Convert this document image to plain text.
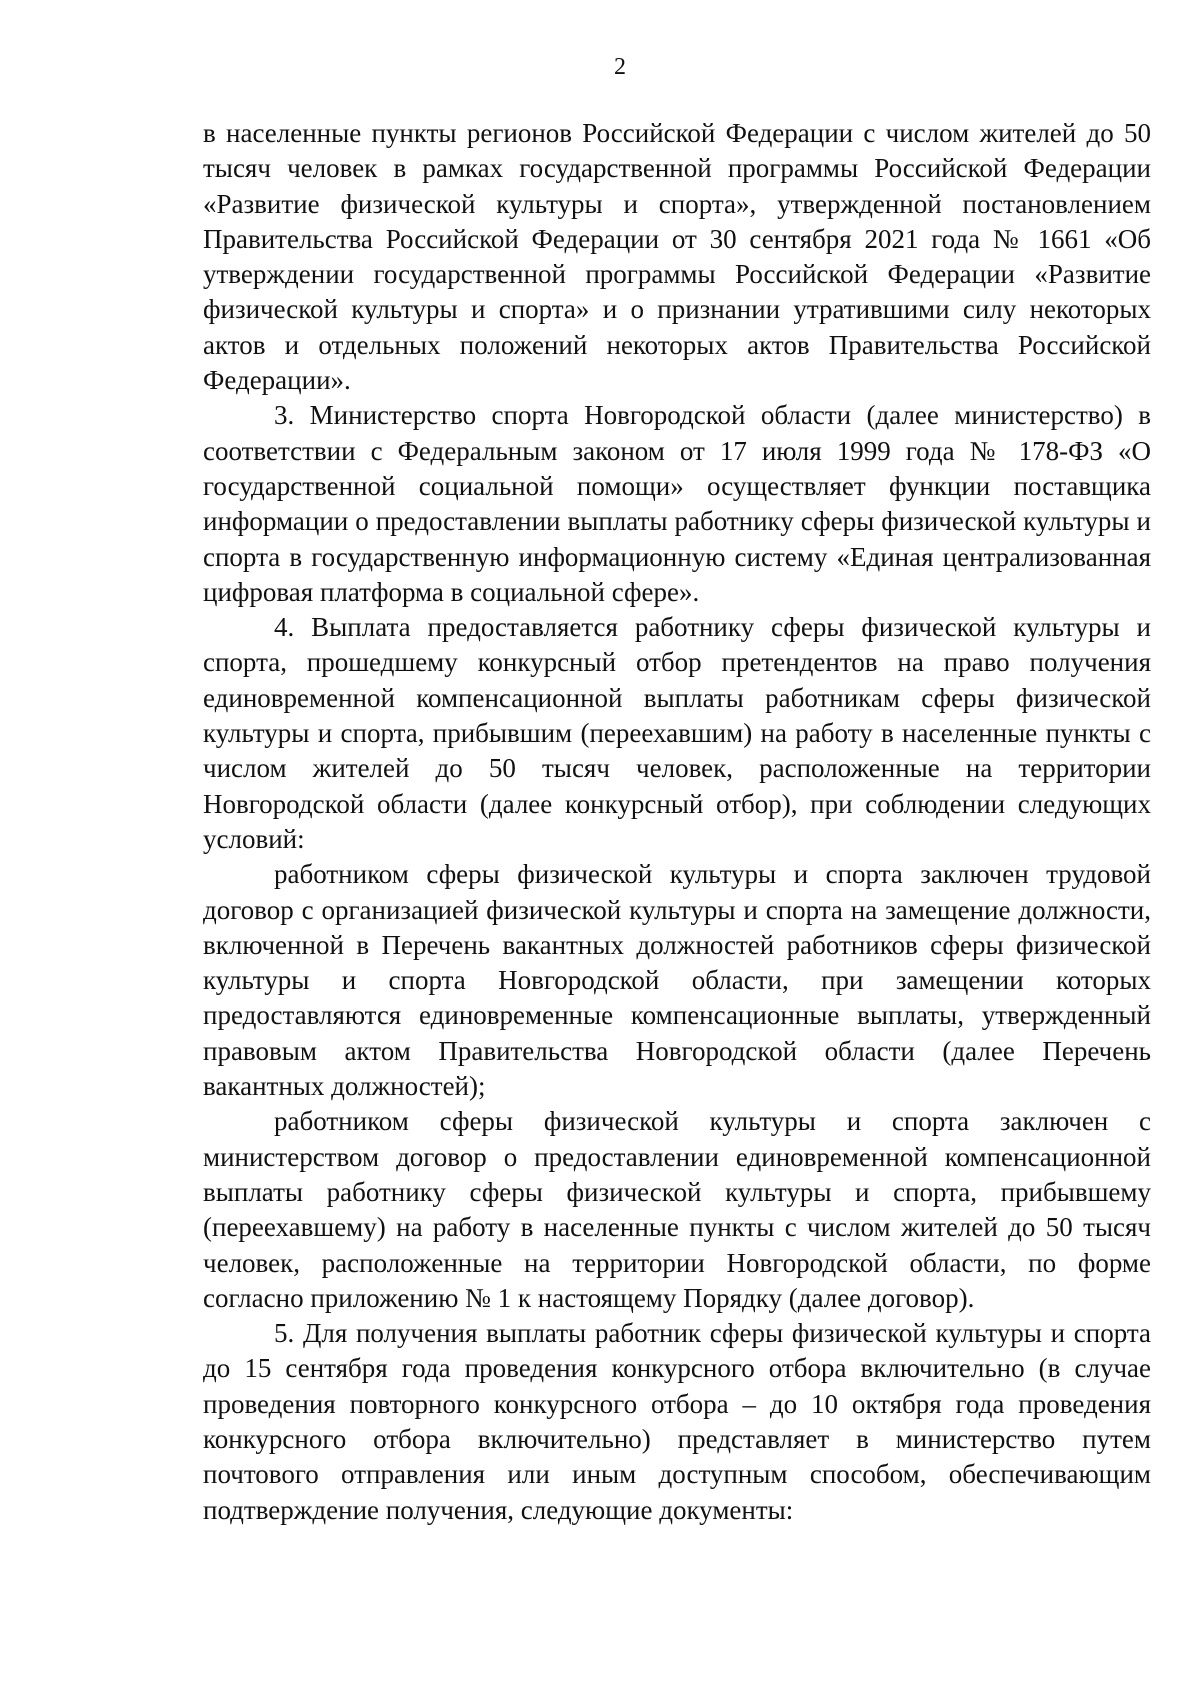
2

в населенные пункты регионов Российской Федерации с числом жителей до 50 тысяч человек в рамках государственной программы Российской Федерации «Развитие физической культуры и спорта», утвержденной постановлением Правительства Российской Федерации от 30 сентября 2021 года № 1661 «Об утверждении государственной программы Российской Федерации «Развитие физической культуры и спорта» и о признании утратившими силу некоторых актов и отдельных положений некоторых актов Правительства Российской Федерации».

3. Министерство спорта Новгородской области (далее министерство) в соответствии с Федеральным законом от 17 июля 1999 года № 178-ФЗ «О государственной социальной помощи» осуществляет функции поставщика информации о предоставлении выплаты работнику сферы физической культуры и спорта в государственную информационную систему «Единая централизованная цифровая платформа в социальной сфере».

4. Выплата предоставляется работнику сферы физической культуры и спорта, прошедшему конкурсный отбор претендентов на право получения единовременной компенсационной выплаты работникам сферы физической культуры и спорта, прибывшим (переехавшим) на работу в населенные пункты с числом жителей до 50 тысяч человек, расположенные на территории Новгородской области (далее конкурсный отбор), при соблюдении следующих условий:

работником сферы физической культуры и спорта заключен трудовой договор с организацией физической культуры и спорта на замещение должности, включенной в Перечень вакантных должностей работников сферы физической культуры и спорта Новгородской области, при замещении которых предоставляются единовременные компенсационные выплаты, утвержденный правовым актом Правительства Новгородской области (далее Перечень вакантных должностей);

работником сферы физической культуры и спорта заключен с министерством договор о предоставлении единовременной компенсационной выплаты работнику сферы физической культуры и спорта, прибывшему (переехавшему) на работу в населенные пункты с числом жителей до 50 тысяч человек, расположенные на территории Новгородской области, по форме согласно приложению № 1 к настоящему Порядку (далее договор).

5. Для получения выплаты работник сферы физической культуры и спорта до 15 сентября года проведения конкурсного отбора включительно (в случае проведения повторного конкурсного отбора – до 10 октября года проведения конкурсного отбора включительно) представляет в министерство путем почтового отправления или иным доступным способом, обеспечивающим подтверждение получения, следующие документы:
